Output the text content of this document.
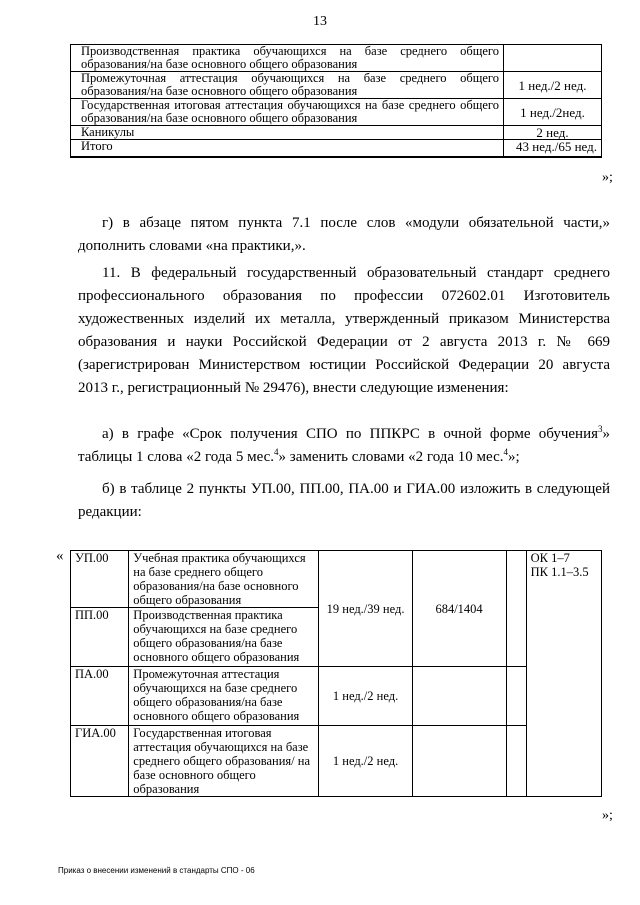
13
Производственная практика обучающихся на базе среднего общего образования/на базе основного общего образования	
Промежуточная аттестация обучающихся на базе среднего общего образования/на базе основного общего образования	1 нед./2 нед.
Государственная итоговая аттестация обучающихся на базе среднего общего образования/на базе основного общего образования	1 нед./2нед.
Каникулы	2 нед.
Итого	43 нед./65 нед.
»;
г) в абзаце пятом пункта 7.1 после слов «модули обязательной части,» дополнить словами «на практики,».
11. В федеральный государственный образовательный стандарт среднего профессионального образования по профессии 072602.01 Изготовитель художественных изделий их металла, утвержденный приказом Министерства образования и науки Российской Федерации от 2 августа 2013 г. № 669 (зарегистрирован Министерством юстиции Российской Федерации 20 августа 2013 г., регистрационный № 29476), внести следующие изменения:
а) в графе «Срок получения СПО по ППКРС в очной форме обучения$^3$» таблицы 1 слова «2 года 5 мес.$^4$» заменить словами «2 года 10 мес.$^4$»;
б) в таблице 2 пункты УП.00, ПП.00, ПА.00 и ГИА.00 изложить в следующей редакции:
« УП.00	Учебная практика обучающихся на базе среднего общего образования/на базе основного общего образования	19 нед./39 нед.	684/1404		ОК 1–7
ПК 1.1–3.5

ПП.00	Производственная практика обучающихся на базе среднего общего образования/на базе основного общего образования				
ПА.00	Промежуточная аттестация обучающихся на базе среднего общего образования/на базе основного общего образования	1 нед./2 нед.			
ГИА.00	Государственная итоговая аттестация обучающихся на базе среднего общего образования/ на базе основного общего образования	1 нед./2 нед.			
»;
Приказ о внесении изменений в стандарты СПО - 06
